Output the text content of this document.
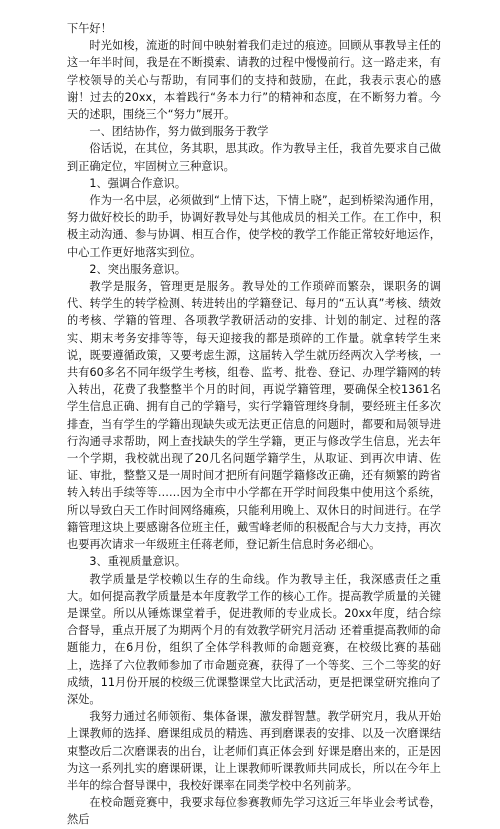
下午好！

时光如梭，流逝的时间中映射着我们走过的痕迹。回顾从事教导主任的这一年半时间，我是在不断摸索、请教的过程中慢慢前行。这一路走来，有学校领导的关心与帮助，有同事们的支持和鼓励，在此，我表示衷心的感谢！过去的20xx，本着践行“务本力行”的精神和态度，在不断努力着。今天的述职，围绕三个“努力”展开。

一、团结协作，努力做到服务于教学

俗话说，在其位，务其职，思其政。作为教导主任，我首先要求自己做到正确定位，牢固树立三种意识。

1、强调合作意识。

作为一名中层，必须做到“上情下达，下情上晓”，起到桥梁沟通作用，努力做好校长的助手，协调好教导处与其他成员的相关工作。在工作中，积极主动沟通、参与协调、相互合作，使学校的教学工作能正常较好地运作，中心工作更好地落实到位。

2、突出服务意识。

教学是服务，管理更是服务。教导处的工作琐碎而繁杂，课职务的调代、转学生的转学检测、转进转出的学籍登记、每月的“五认真”考核、绩效的考核、学籍的管理、各项教学教研活动的安排、计划的制定、过程的落实、期末考务安排等等，每天迎接我的都是琐碎的工作量。就拿转学生来说，既要遵循政策，又要考虑生源，这届转入学生就历经两次入学考核，一共有60多名不同年级学生考核，组卷、监考、批卷、登记、办理学籍网的转入转出，花费了我整整半个月的时间，再说学籍管理，要确保全校1361名学生信息正确、拥有自己的学籍号，实行学籍管理终身制，要经班主任多次排查，当有学生的学籍出现缺失或无法更正信息的问题时，都要和局领导进行沟通寻求帮助，网上查找缺失的学生学籍，更正与修改学生信息，光去年一个学期，我校就出现了20几名问题学籍学生，从取证、到再次申请、佐证、审批，整整又是一周时间才把所有问题学籍修改正确，还有频繁的跨省转入转出手续等等……因为全市中小学都在开学时间段集中使用这个系统，所以导致白天工作时间网络瘫痪，只能利用晚上、双休日的时间进行。在学籍管理这块上要感谢各位班主任，戴雪峰老师的积极配合与大力支持，再次也要再次请求一年级班主任蒋老师，登记新生信息时务必细心。

3、重视质量意识。

教学质量是学校赖以生存的生命线。作为教导主任，我深感责任之重大。如何提高教学质量是本年度教学工作的核心工作。提高教学质量的关键是课堂。所以从锤炼课堂着手，促进教师的专业成长。20xx年度，结合综合督导，重点开展了为期两个月的有效教学研究月活动 还着重提高教师的命题能力，在6月份，组织了全体学科教师的命题竞赛，在校级比赛的基础上，选择了六位教师参加了市命题竞赛，获得了一个等奖、三个二等奖的好成绩，11月份开展的校级三优课整课堂大比武活动，更是把课堂研究推向了深处。

我努力通过名师领衔、集体备课，激发群智慧。教学研究月，我从开始上课教师的选择、磨课组成员的精选、再到磨课表的安排、以及一次磨课结束整改后二次磨课表的出台，让老师们真正体会到 好课是磨出来的，正是因为这一系列扎实的磨课研课，让上课教师听课教师共同成长，所以在今年上半年的综合督导课中，我校好课率在同类学校中名列前茅。

在校命题竞赛中，我要求每位参赛教师先学习这近三年毕业会考试卷，然后
